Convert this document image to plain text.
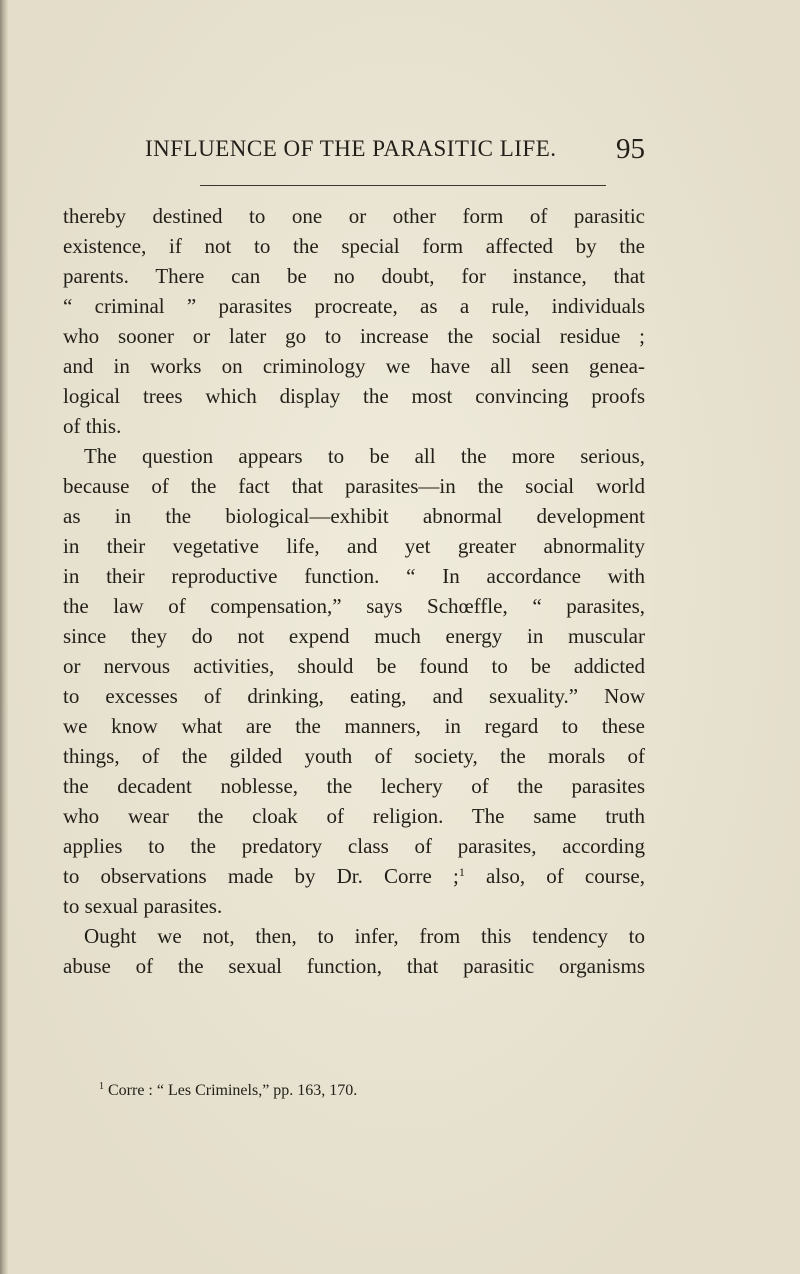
INFLUENCE OF THE PARASITIC LIFE. 95
thereby destined to one or other form of parasitic
existence, if not to the special form affected by the
parents. There can be no doubt, for instance, that
“ criminal ” parasites procreate, as a rule, individuals
who sooner or later go to increase the social residue ;
and in works on criminology we have all seen genea-
logical trees which display the most convincing proofs
of this.
The question appears to be all the more serious,
because of the fact that parasites—in the social world
as in the biological—exhibit abnormal development
in their vegetative life, and yet greater abnormality
in their reproductive function. “ In accordance with
the law of compensation,” says Schœffle, “ parasites,
since they do not expend much energy in muscular
or nervous activities, should be found to be addicted
to excesses of drinking, eating, and sexuality.” Now
we know what are the manners, in regard to these
things, of the gilded youth of society, the morals of
the decadent noblesse, the lechery of the parasites
who wear the cloak of religion. The same truth
applies to the predatory class of parasites, according
to observations made by Dr. Corre ;$^1$ also, of course,
to sexual parasites.
Ought we not, then, to infer, from this tendency to
abuse of the sexual function, that parasitic organisms
$^1$ Corre : “ Les Criminels,” pp. 163, 170.
